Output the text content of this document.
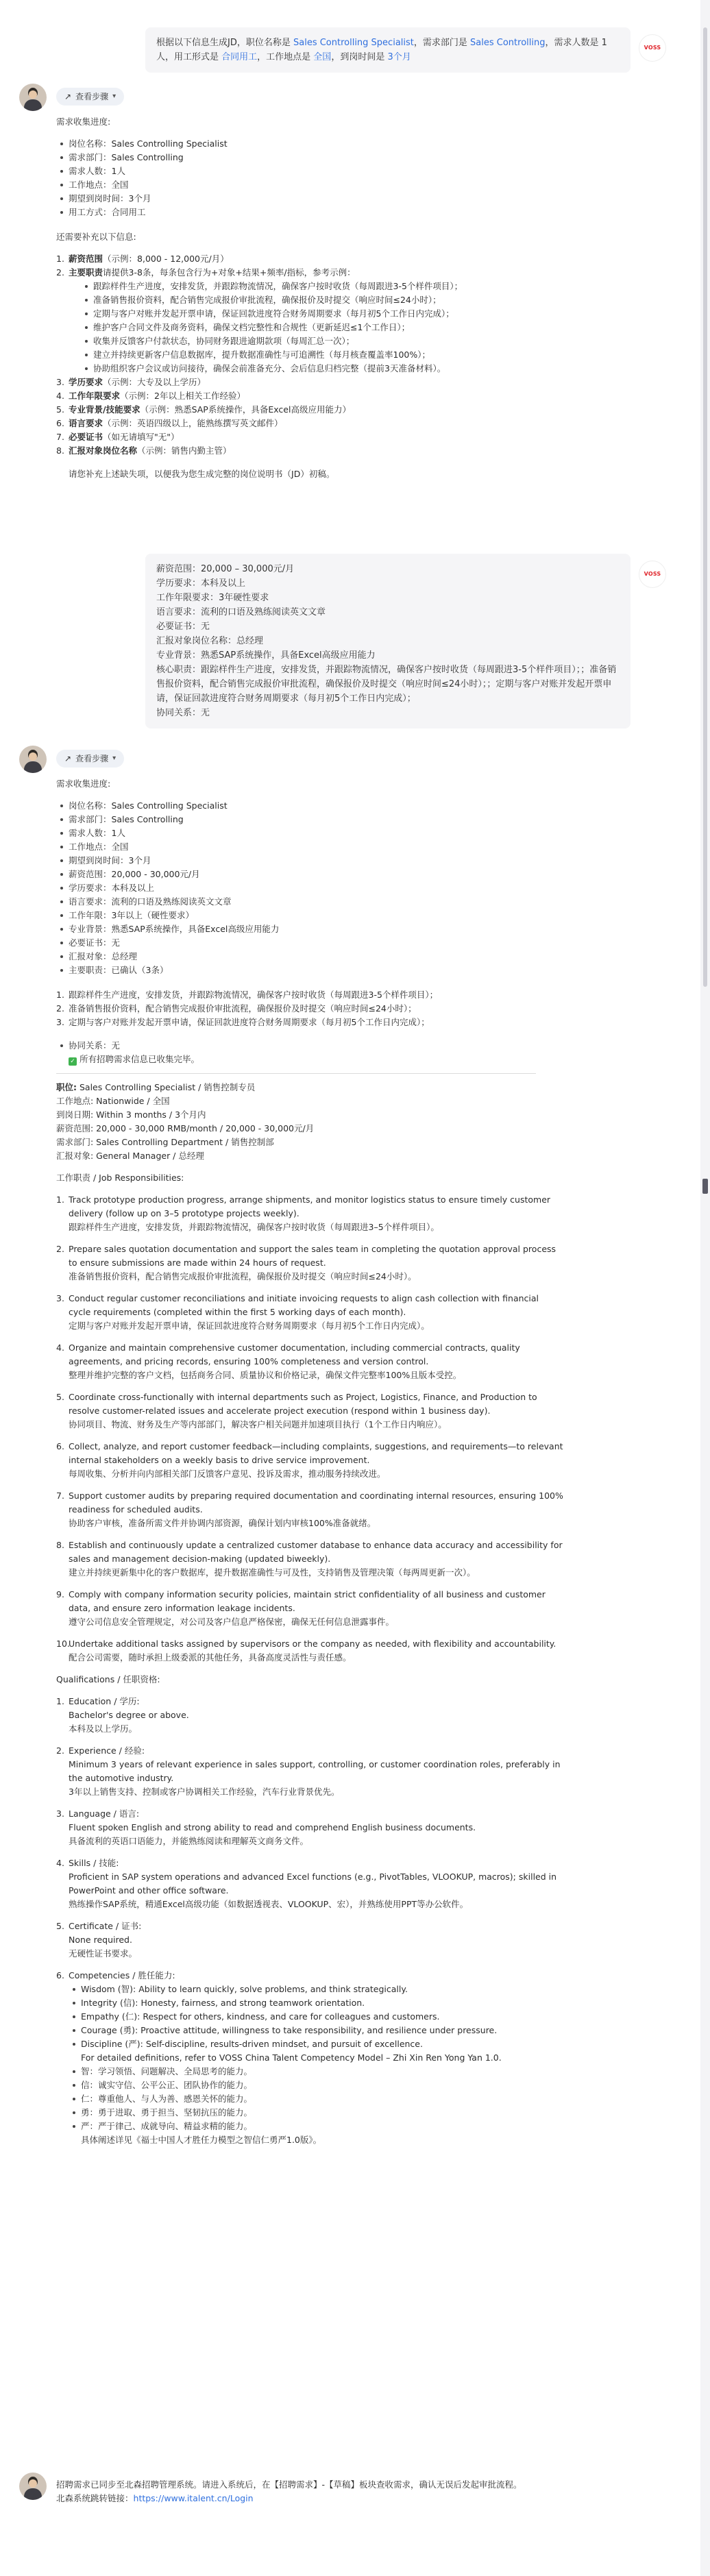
根据以下信息生成JD，职位名称是 Sales Controlling Specialist，需求部门是 Sales Controlling，需求人数是 1人，用工形式是 合同用工，工作地点是 全国，到岗时间是 3个月
VOSS
↗ 查看步骤 ▾

需求收集进度:

岗位名称：Sales Controlling Specialist
需求部门：Sales Controlling
需求人数：1人
工作地点：全国
期望到岗时间：3个月
用工方式：合同用工

还需要补充以下信息:

1. 薪资范围（示例：8,000 - 12,000元/月）
2. 主要职责请提供3-8条，每条包含行为+对象+结果+频率/指标，参考示例：
跟踪样件生产进度，安排发货，并跟踪物流情况，确保客户按时收货（每周跟进3-5个样件项目）；
准备销售报价资料，配合销售完成报价审批流程，确保报价及时提交（响应时间≤24小时）；
定期与客户对账并发起开票申请，保证回款进度符合财务周期要求（每月初5个工作日内完成）；
维护客户合同文件及商务资料，确保文档完整性和合规性（更新延迟≤1个工作日）；
收集并反馈客户付款状态，协同财务跟进逾期款项（每周汇总一次）；
建立并持续更新客户信息数据库，提升数据准确性与可追溯性（每月核查覆盖率100%）；
协助组织客户会议或访问接待，确保会前准备充分、会后信息归档完整（提前3天准备材料）。
3. 学历要求（示例：大专及以上学历）
4. 工作年限要求（示例：2年以上相关工作经验）
5. 专业背景/技能要求（示例：熟悉SAP系统操作，具备Excel高级应用能力）
6. 语言要求（示例：英语四级以上，能熟练撰写英文邮件）
7. 必要证书（如无请填写"无"）
8. 汇报对象岗位名称（示例：销售内勤主管）

请您补充上述缺失项，以便我为您生成完整的岗位说明书（JD）初稿。

薪资范围：20,000 – 30,000元/月
学历要求：本科及以上
工作年限要求：3年硬性要求
语言要求：流利的口语及熟练阅读英文文章
必要证书：无
汇报对象岗位名称：总经理
专业背景：熟悉SAP系统操作，具备Excel高级应用能力
核心职责：跟踪样件生产进度，安排发货，并跟踪物流情况，确保客户按时收货（每周跟进3-5个样件项目）；；准备销售报价资料，配合销售完成报价审批流程，确保报价及时提交（响应时间≤24小时）；；定期与客户对账并发起开票申请，保证回款进度符合财务周期要求（每月初5个工作日内完成）；
协同关系：无
VOSS
↗ 查看步骤 ▾

需求收集进度:

岗位名称：Sales Controlling Specialist
需求部门：Sales Controlling
需求人数：1人
工作地点：全国
期望到岗时间：3个月
薪资范围：20,000 - 30,000元/月
学历要求：本科及以上
语言要求：流利的口语及熟练阅读英文文章
工作年限：3年以上（硬性要求）
专业背景：熟悉SAP系统操作，具备Excel高级应用能力
必要证书：无
汇报对象：总经理
主要职责：已确认（3条）
1. 跟踪样件生产进度，安排发货，并跟踪物流情况，确保客户按时收货（每周跟进3-5个样件项目）；
2. 准备销售报价资料，配合销售完成报价审批流程，确保报价及时提交（响应时间≤24小时）；
3. 定期与客户对账并发起开票申请，保证回款进度符合财务周期要求（每月初5个工作日内完成）；
协同关系：无
✓ 所有招聘需求信息已收集完毕。
职位: Sales Controlling Specialist / 销售控制专员
工作地点: Nationwide / 全国
到岗日期: Within 3 months / 3个月内
薪资范围: 20,000 - 30,000 RMB/month / 20,000 - 30,000元/月
需求部门: Sales Controlling Department / 销售控制部
汇报对象: General Manager / 总经理

工作职责 / Job Responsibilities:

1. Track prototype production progress, arrange shipments, and monitor logistics status to ensure timely customer delivery (follow up on 3–5 prototype projects weekly).
跟踪样件生产进度，安排发货，并跟踪物流情况，确保客户按时收货（每周跟进3–5个样件项目）。
2. Prepare sales quotation documentation and support the sales team in completing the quotation approval process to ensure submissions are made within 24 hours of request.
准备销售报价资料，配合销售完成报价审批流程，确保报价及时提交（响应时间≤24小时）。
3. Conduct regular customer reconciliations and initiate invoicing requests to align cash collection with financial cycle requirements (completed within the first 5 working days of each month).
定期与客户对账并发起开票申请，保证回款进度符合财务周期要求（每月初5个工作日内完成）。
4. Organize and maintain comprehensive customer documentation, including commercial contracts, quality agreements, and pricing records, ensuring 100% completeness and version control.
整理并维护完整的客户文档，包括商务合同、质量协议和价格记录，确保文件完整率100%且版本受控。
5. Coordinate cross-functionally with internal departments such as Project, Logistics, Finance, and Production to resolve customer-related issues and accelerate project execution (respond within 1 business day).
协同项目、物流、财务及生产等内部部门，解决客户相关问题并加速项目执行（1个工作日内响应）。
6. Collect, analyze, and report customer feedback—including complaints, suggestions, and requirements—to relevant internal stakeholders on a weekly basis to drive service improvement.
每周收集、分析并向内部相关部门反馈客户意见、投诉及需求，推动服务持续改进。
7. Support customer audits by preparing required documentation and coordinating internal resources, ensuring 100% readiness for scheduled audits.
协助客户审核，准备所需文件并协调内部资源，确保计划内审核100%准备就绪。
8. Establish and continuously update a centralized customer database to enhance data accuracy and accessibility for sales and management decision-making (updated biweekly).
建立并持续更新集中化的客户数据库，提升数据准确性与可及性，支持销售及管理决策（每两周更新一次）。
9. Comply with company information security policies, maintain strict confidentiality of all business and customer data, and ensure zero information leakage incidents.
遵守公司信息安全管理规定，对公司及客户信息严格保密，确保无任何信息泄露事件。
10.
Undertake additional tasks assigned by supervisors or the company as needed, with flexibility and accountability.
配合公司需要，随时承担上级委派的其他任务，具备高度灵活性与责任感。

Qualifications / 任职资格:

1. Education / 学历:
Bachelor's degree or above.
本科及以上学历。
2. Experience / 经验:
Minimum 3 years of relevant experience in sales support, controlling, or customer coordination roles, preferably in the automotive industry.
3年以上销售支持、控制或客户协调相关工作经验，汽车行业背景优先。
3. Language / 语言:
Fluent spoken English and strong ability to read and comprehend English business documents.
具备流利的英语口语能力，并能熟练阅读和理解英文商务文件。
4. Skills / 技能:
Proficient in SAP system operations and advanced Excel functions (e.g., PivotTables, VLOOKUP, macros); skilled in PowerPoint and other office software.
熟练操作SAP系统，精通Excel高级功能（如数据透视表、VLOOKUP、宏），并熟练使用PPT等办公软件。
5. Certificate / 证书:
None required.
无硬性证书要求。
6. Competencies / 胜任能力:
Wisdom (智): Ability to learn quickly, solve problems, and think strategically.
Integrity (信): Honesty, fairness, and strong teamwork orientation.
Empathy (仁): Respect for others, kindness, and care for colleagues and customers.
Courage (勇): Proactive attitude, willingness to take responsibility, and resilience under pressure.
Discipline (严): Self-discipline, results-driven mindset, and pursuit of excellence.
For detailed definitions, refer to VOSS China Talent Competency Model – Zhi Xin Ren Yong Yan 1.0.
智：学习领悟、问题解决、全局思考的能力。
信：诚实守信、公平公正、团队协作的能力。
仁：尊重他人、与人为善、感恩关怀的能力。
勇：勇于进取、勇于担当、坚韧抗压的能力。
严：严于律己、成就导向、精益求精的能力。
具体阐述详见《福士中国人才胜任力模型之智信仁勇严1.0版》。

招聘需求已同步至北森招聘管理系统。请进入系统后，在【招聘需求】-【草稿】板块查收需求，确认无误后发起审批流程。

北森系统跳转链接：https://www.italent.cn/Login
